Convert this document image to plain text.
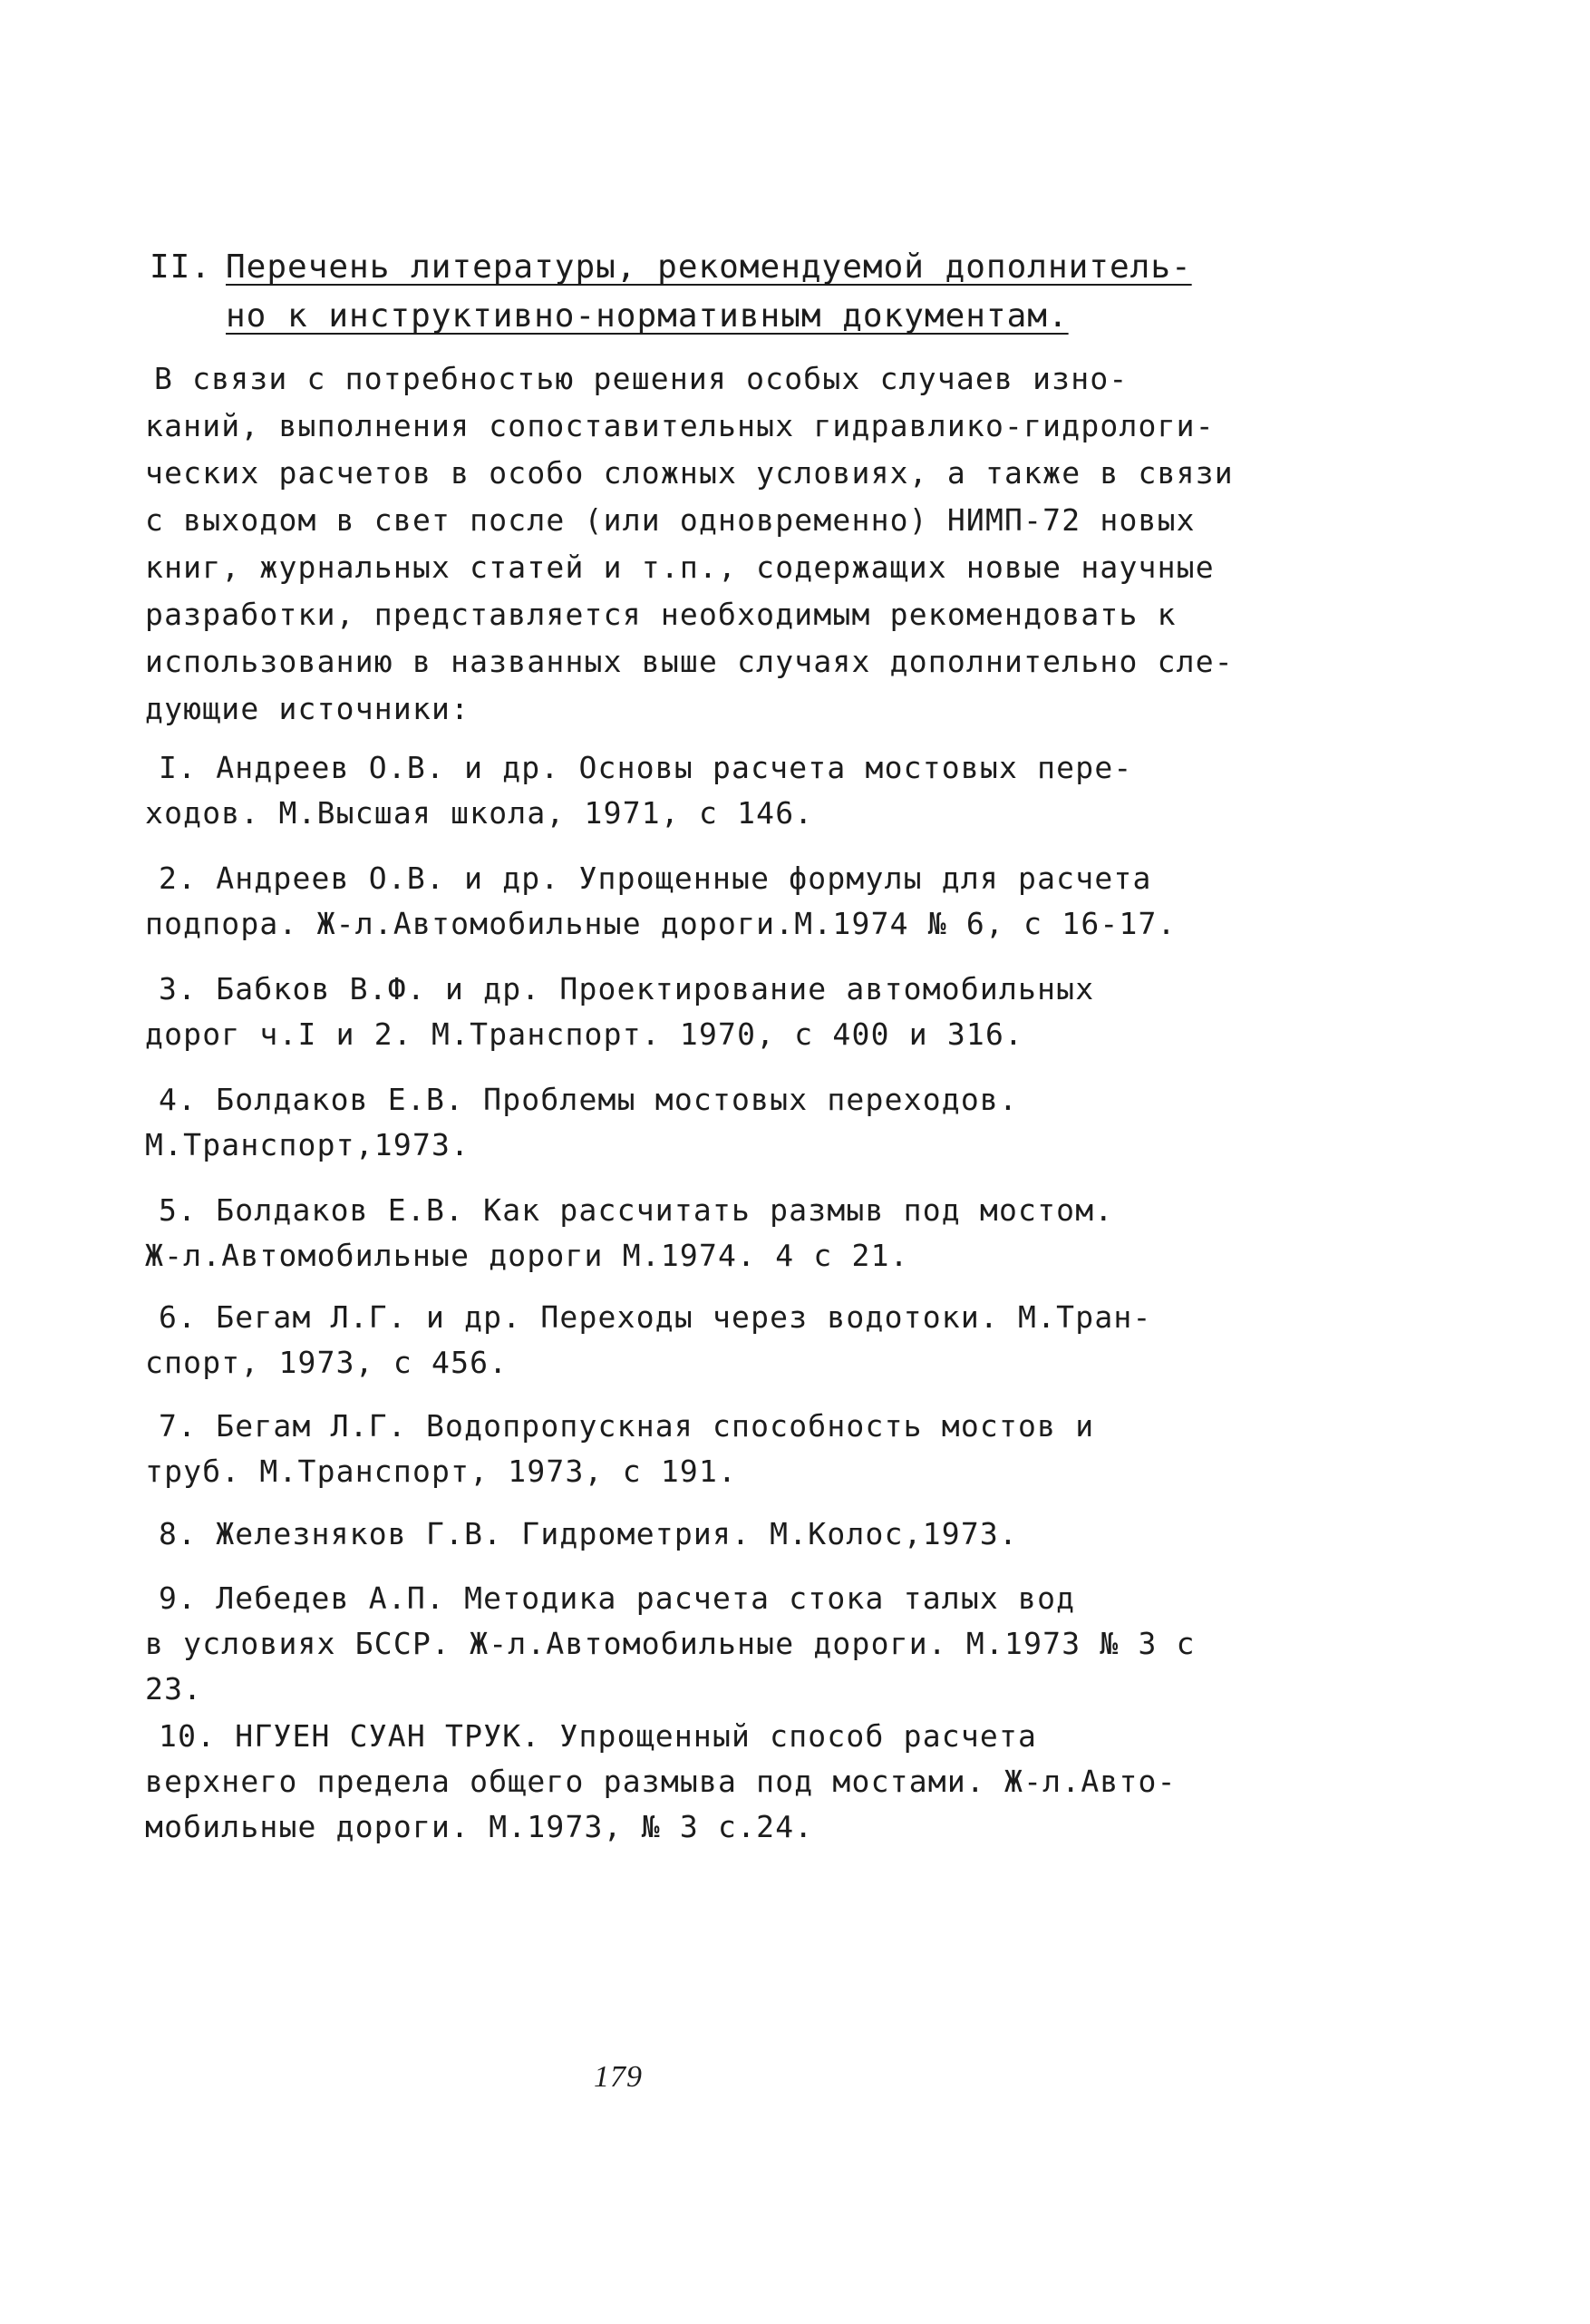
II. Перечень литературы, рекомендуемой дополнитель-
но к инструктивно-нормативным документам.
В связи с потребностью решения особых случаев изно-
каний, выполнения сопоставительных гидравлико-гидрологи-
ческих расчетов в особо сложных условиях, а также в связи
с выходом в свет после (или одновременно) НИМП-72 новых
книг, журнальных статей и т.п., содержащих новые научные
разработки, представляется необходимым рекомендовать к
использованию в названных выше случаях дополнительно сле-
дующие источники:
I. Андреев О.В. и др. Основы расчета мостовых пере-
ходов. М.Высшая школа, 1971, с 146.
2. Андреев О.В. и др. Упрощенные формулы для расчета
подпора. Ж-л.Автомобильные дороги.М.1974 № 6, с 16-17.
3. Бабков В.Ф. и др. Проектирование автомобильных
дорог ч.I и 2. М.Транспорт. 1970, с 400 и 316.
4. Болдаков Е.В. Проблемы мостовых переходов.
М.Транспорт,1973.
5. Болдаков Е.В. Как рассчитать размыв под мостом.
Ж-л.Автомобильные дороги М.1974. 4 с 21.
6. Бегам Л.Г. и др. Переходы через водотоки. М.Тран-
спорт, 1973, с 456.
7. Бегам Л.Г. Водопропускная способность мостов и
труб. М.Транспорт, 1973, с 191.
8. Железняков Г.В. Гидрометрия. М.Колос,1973.
9. Лебедев А.П. Методика расчета стока талых вод
в условиях БССР. Ж-л.Автомобильные дороги. М.1973 № 3 с
23.
10. НГУЕН СУАН ТРУК. Упрощенный способ расчета
верхнего предела общего размыва под мостами. Ж-л.Авто-
мобильные дороги. М.1973, № 3 с.24.
179
